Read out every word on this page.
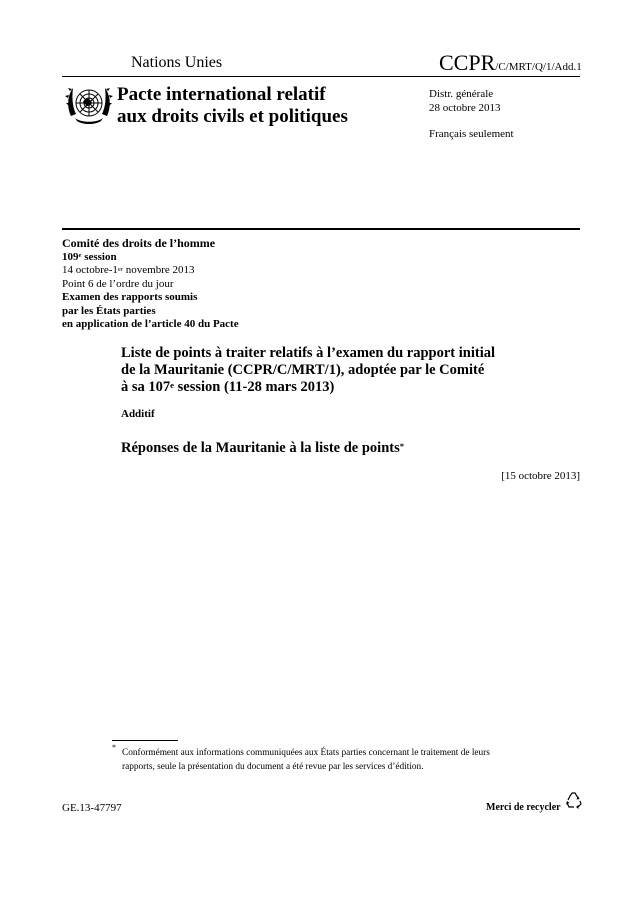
Nations Unies	CCPR/C/MRT/Q/1/Add.1
Pacte international relatif
aux droits civils et politiques
Distr. générale
28 octobre 2013
Français seulement
Comité des droits de l’homme
109e session
14 octobre-1er novembre 2013
Point 6 de l’ordre du jour
Examen des rapports soumis
par les États parties
en application de l’article 40 du Pacte
Liste de points à traiter relatifs à l’examen du rapport initial
de la Mauritanie (CCPR/C/MRT/1), adoptée par le Comité
à sa 107e session (11-28 mars 2013)
Additif
Réponses de la Mauritanie à la liste de points*
[15 octobre 2013]
*
Conformément aux informations communiquées aux États parties concernant le traitement de leurs
rapports, seule la présentation du document a été revue par les services d’édition.
GE.13-47797	Merci de recycler
